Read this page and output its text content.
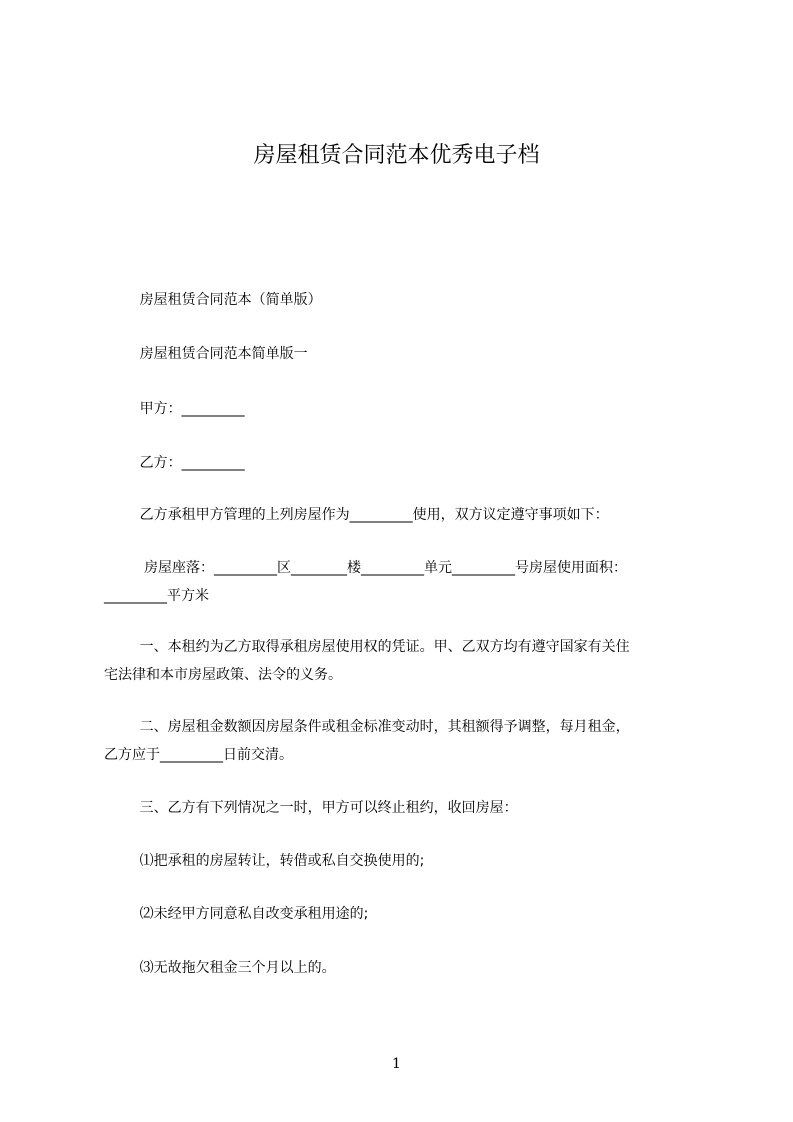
房屋租赁合同范本优秀电子档

房屋租赁合同范本（简单版）

房屋租赁合同范本简单版一

甲方：_________

乙方：_________

乙方承租甲方管理的上列房屋作为_________使用，双方议定遵守事项如下：

房屋座落：_________区________楼_________单元_________号房屋使用面积：
_________平方米

一、本租约为乙方取得承租房屋使用权的凭证。甲、乙双方均有遵守国家有关住
宅法律和本市房屋政策、法令的义务。

二、房屋租金数额因房屋条件或租金标准变动时，其租额得予调整，每月租金，
乙方应于_________日前交清。

三、乙方有下列情况之一时，甲方可以终止租约，收回房屋：

⑴把承租的房屋转让，转借或私自交换使用的;

⑵未经甲方同意私自改变承租用途的;

⑶无故拖欠租金三个月以上的。

1
